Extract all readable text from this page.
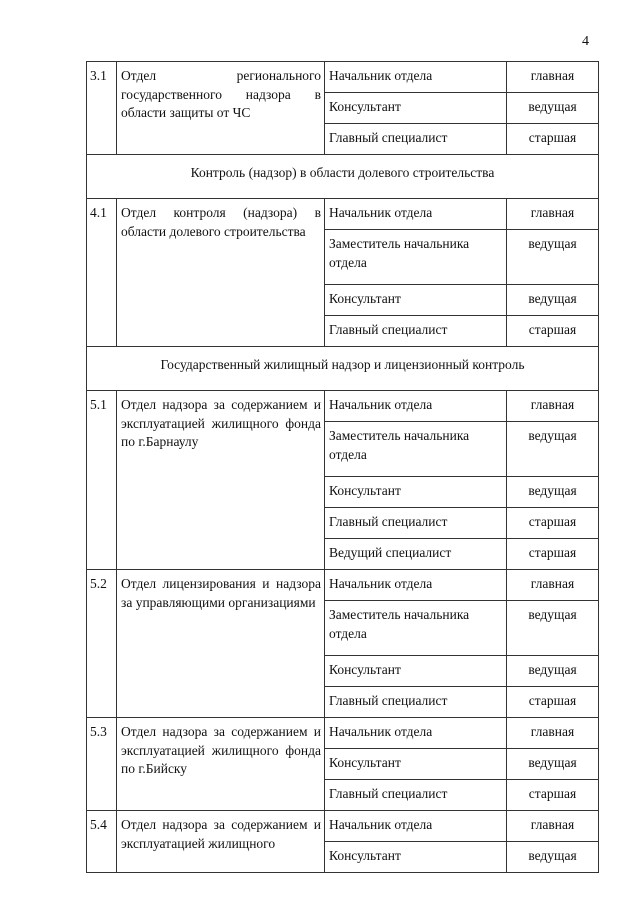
4
3.1	Отдел регионального государственного надзора в области защиты от ЧС	Начальник отдела	главная
		Консультант	ведущая
		Главный специалист	старшая
Контроль (надзор) в области долевого строительства			
4.1	Отдел контроля (надзора) в области долевого строительства	Начальник отдела	главная
		Заместитель начальника отдела	ведущая
		Консультант	ведущая
		Главный специалист	старшая
Государственный жилищный надзор и лицензионный контроль			
5.1	Отдел надзора за содержанием и эксплуатацией жилищного фонда по г.Барнаулу	Начальник отдела	главная
		Заместитель начальника отдела	ведущая
		Консультант	ведущая
		Главный специалист	старшая
		Ведущий специалист	старшая
5.2	Отдел лицензирования и надзора за управляющими организациями	Начальник отдела	главная
		Заместитель начальника отдела	ведущая
		Консультант	ведущая
		Главный специалист	старшая
5.3	Отдел надзора за содержанием и эксплуатацией жилищного фонда по г.Бийску	Начальник отдела	главная
		Консультант	ведущая
		Главный специалист	старшая
5.4	Отдел надзора за содержанием и эксплуатацией жилищного	Начальник отдела	главная
		Консультант	ведущая
